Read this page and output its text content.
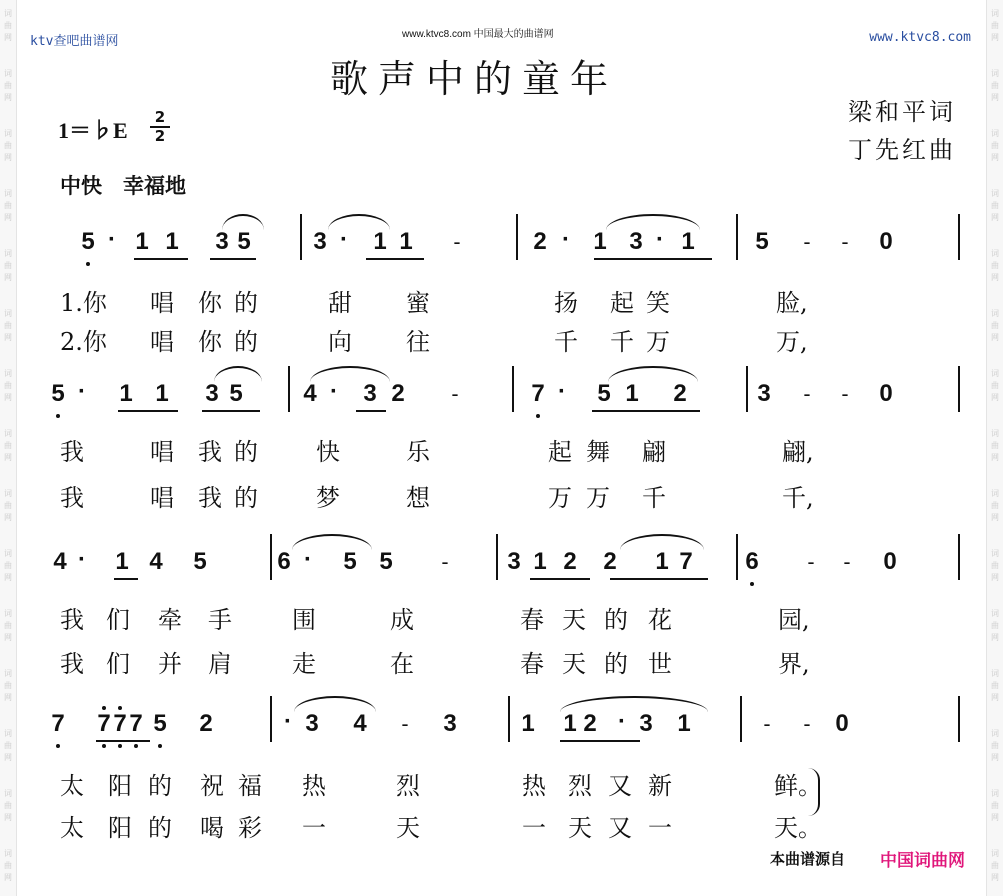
词
曲
网
词
曲
网
词
曲
网
词
曲
网
词
曲
网
词
曲
网
词
曲
网
词
曲
网
词
曲
网
词
曲
网
词
曲
网
词
曲
网
词
曲
网
词
曲
网
词
曲
网
词
曲
网
词
曲
网
词
曲
网
词
曲
网
词
曲
网
词
曲
网
词
曲
网
词
曲
网
词
曲
网
词
曲
网
词
曲
网
词
曲
网
词
曲
网
词
曲
网
词
曲
网
ktv查吧曲谱网	www.ktvc8.com 中国最大的曲谱网	www.ktvc8.com
歌声中的童年
梁和平词
丁先红曲
1＝♭E
2
2
中快　幸福地
5 · 1 1 3 5	3 · 1 1 -	2 · 1 3 · 1	5 - - 0
5 · 1 1 3 5	4 · 3 2 -	7 · 5 1 2	3 - - 0
4 · 1 4 5	6 · 5 5 - 3 1 2 2 1 7 6 - - 0
7 7 7 7 5 2	· 3 4 - 3	1 1 2 · 3 1	- - 0
1.你	唱 你 的	甜 蜜	扬 起 笑	脸,
2.你	唱 你 的	向 往	千 千 万	万,
我	唱 我 的 快	乐	起 舞 翩	翩,
我	唱 我 的 梦	想	万 万 千	千,
我 们 牵 手	围	成	春 天 的 花	园,
我 们 并 肩	走	在	春 天 的 世	界,
太 阳 的 祝 福 热	烈	热 烈 又 新	鲜。
太 阳 的 喝 彩 一	天	一 天 又 一	天。
本曲谱源自 中国词曲网
